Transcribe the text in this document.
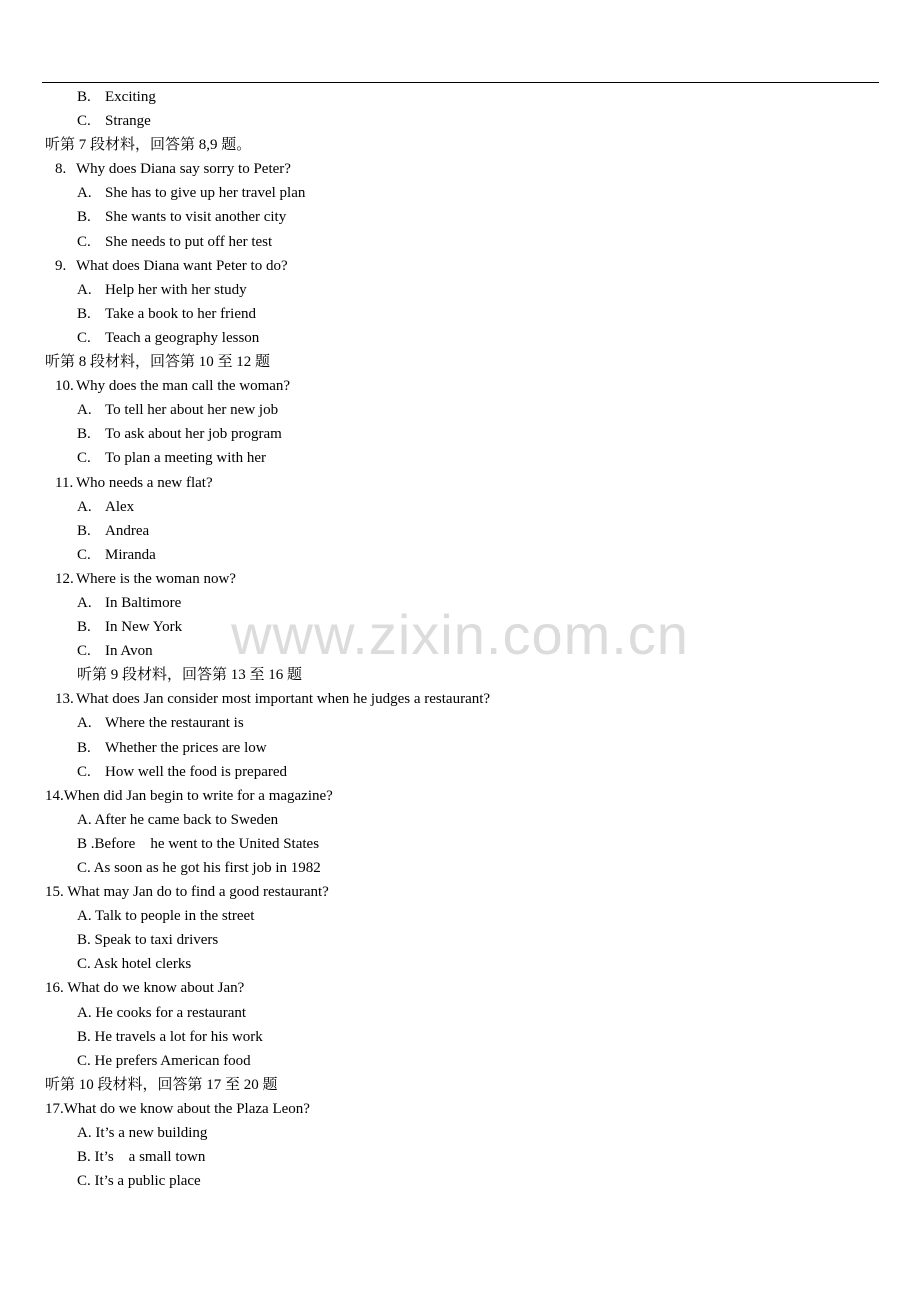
B. Exciting
C. Strange
听第 7 段材料，回答第 8,9 题。
8. Why does Diana say sorry to Peter?
A. She has to give up her travel plan
B. She wants to visit another city
C. She needs to put off her test
9. What does Diana want Peter to do?
A. Help her with her study
B. Take a book to her friend
C. Teach a geography lesson
听第 8 段材料，回答第 10 至 12 题
10. Why does the man call the woman?
A. To tell her about her new job
B. To ask about her job program
C. To plan a meeting with her
11. Who needs a new flat?
A. Alex
B. Andrea
C. Miranda
12. Where is the woman now?
A. In Baltimore
B. In New York
C. In Avon
听第 9 段材料，回答第 13 至 16 题
13. What does Jan consider most important when he judges a restaurant?
A. Where the restaurant is
B. Whether the prices are low
C. How well the food is prepared
14.When did Jan begin to write for a magazine?
A. After he came back to Sweden
B .Before    he went to the United States
C. As soon as he got his first job in 1982
15. What may Jan do to find a good restaurant?
A. Talk to people in the street
B. Speak to taxi drivers
C. Ask hotel clerks
16. What do we know about Jan?
A. He cooks for a restaurant
B. He travels a lot for his work
C. He prefers American food
听第 10 段材料，回答第 17 至 20 题
17.What do we know about the Plaza Leon?
A. It’s a new building
B. It’s    a small town
C. It’s a public place
www.zixin.com.cn
